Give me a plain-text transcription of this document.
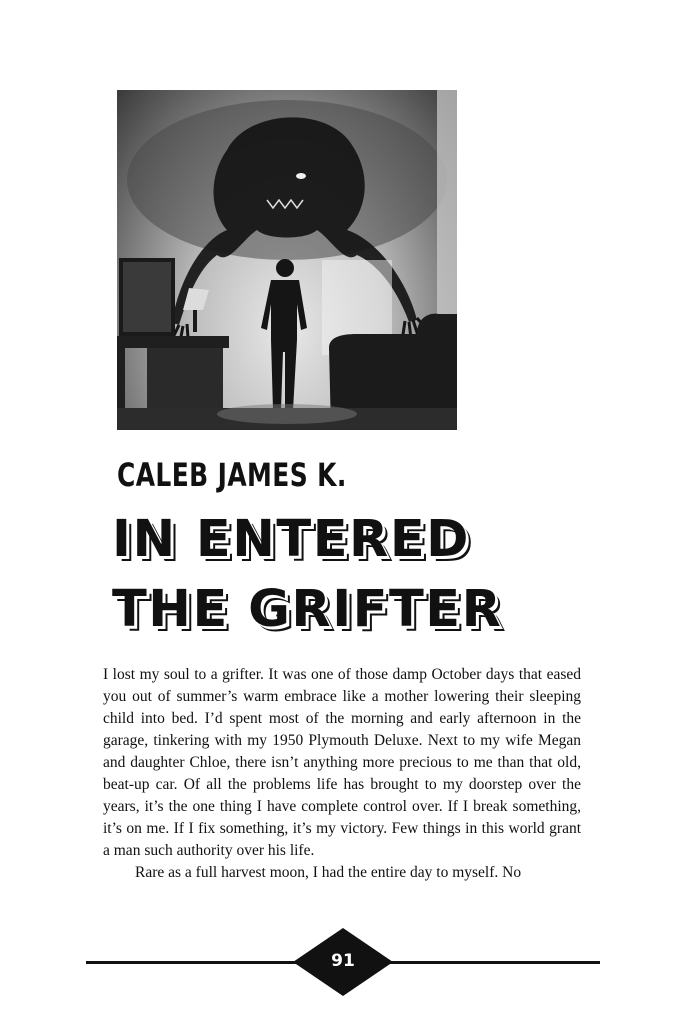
CALEB JAMES K.
IN ENTERED
THE GRIFTER

I lost my soul to a grifter. It was one of those damp October days that eased you out of summer’s warm embrace like a mother lowering their sleeping child into bed. I’d spent most of the morning and early afternoon in the garage, tinkering with my 1950 Plymouth Deluxe. Next to my wife Megan and daughter Chloe, there isn’t anything more precious to me than that old, beat-up car. Of all the problems life has brought to my doorstep over the years, it’s the one thing I have complete control over. If I break something, it’s on me. If I fix something, it’s my victory. Few things in this world grant a man such authority over his life.

Rare as a full harvest moon, I had the entire day to myself. No

91
